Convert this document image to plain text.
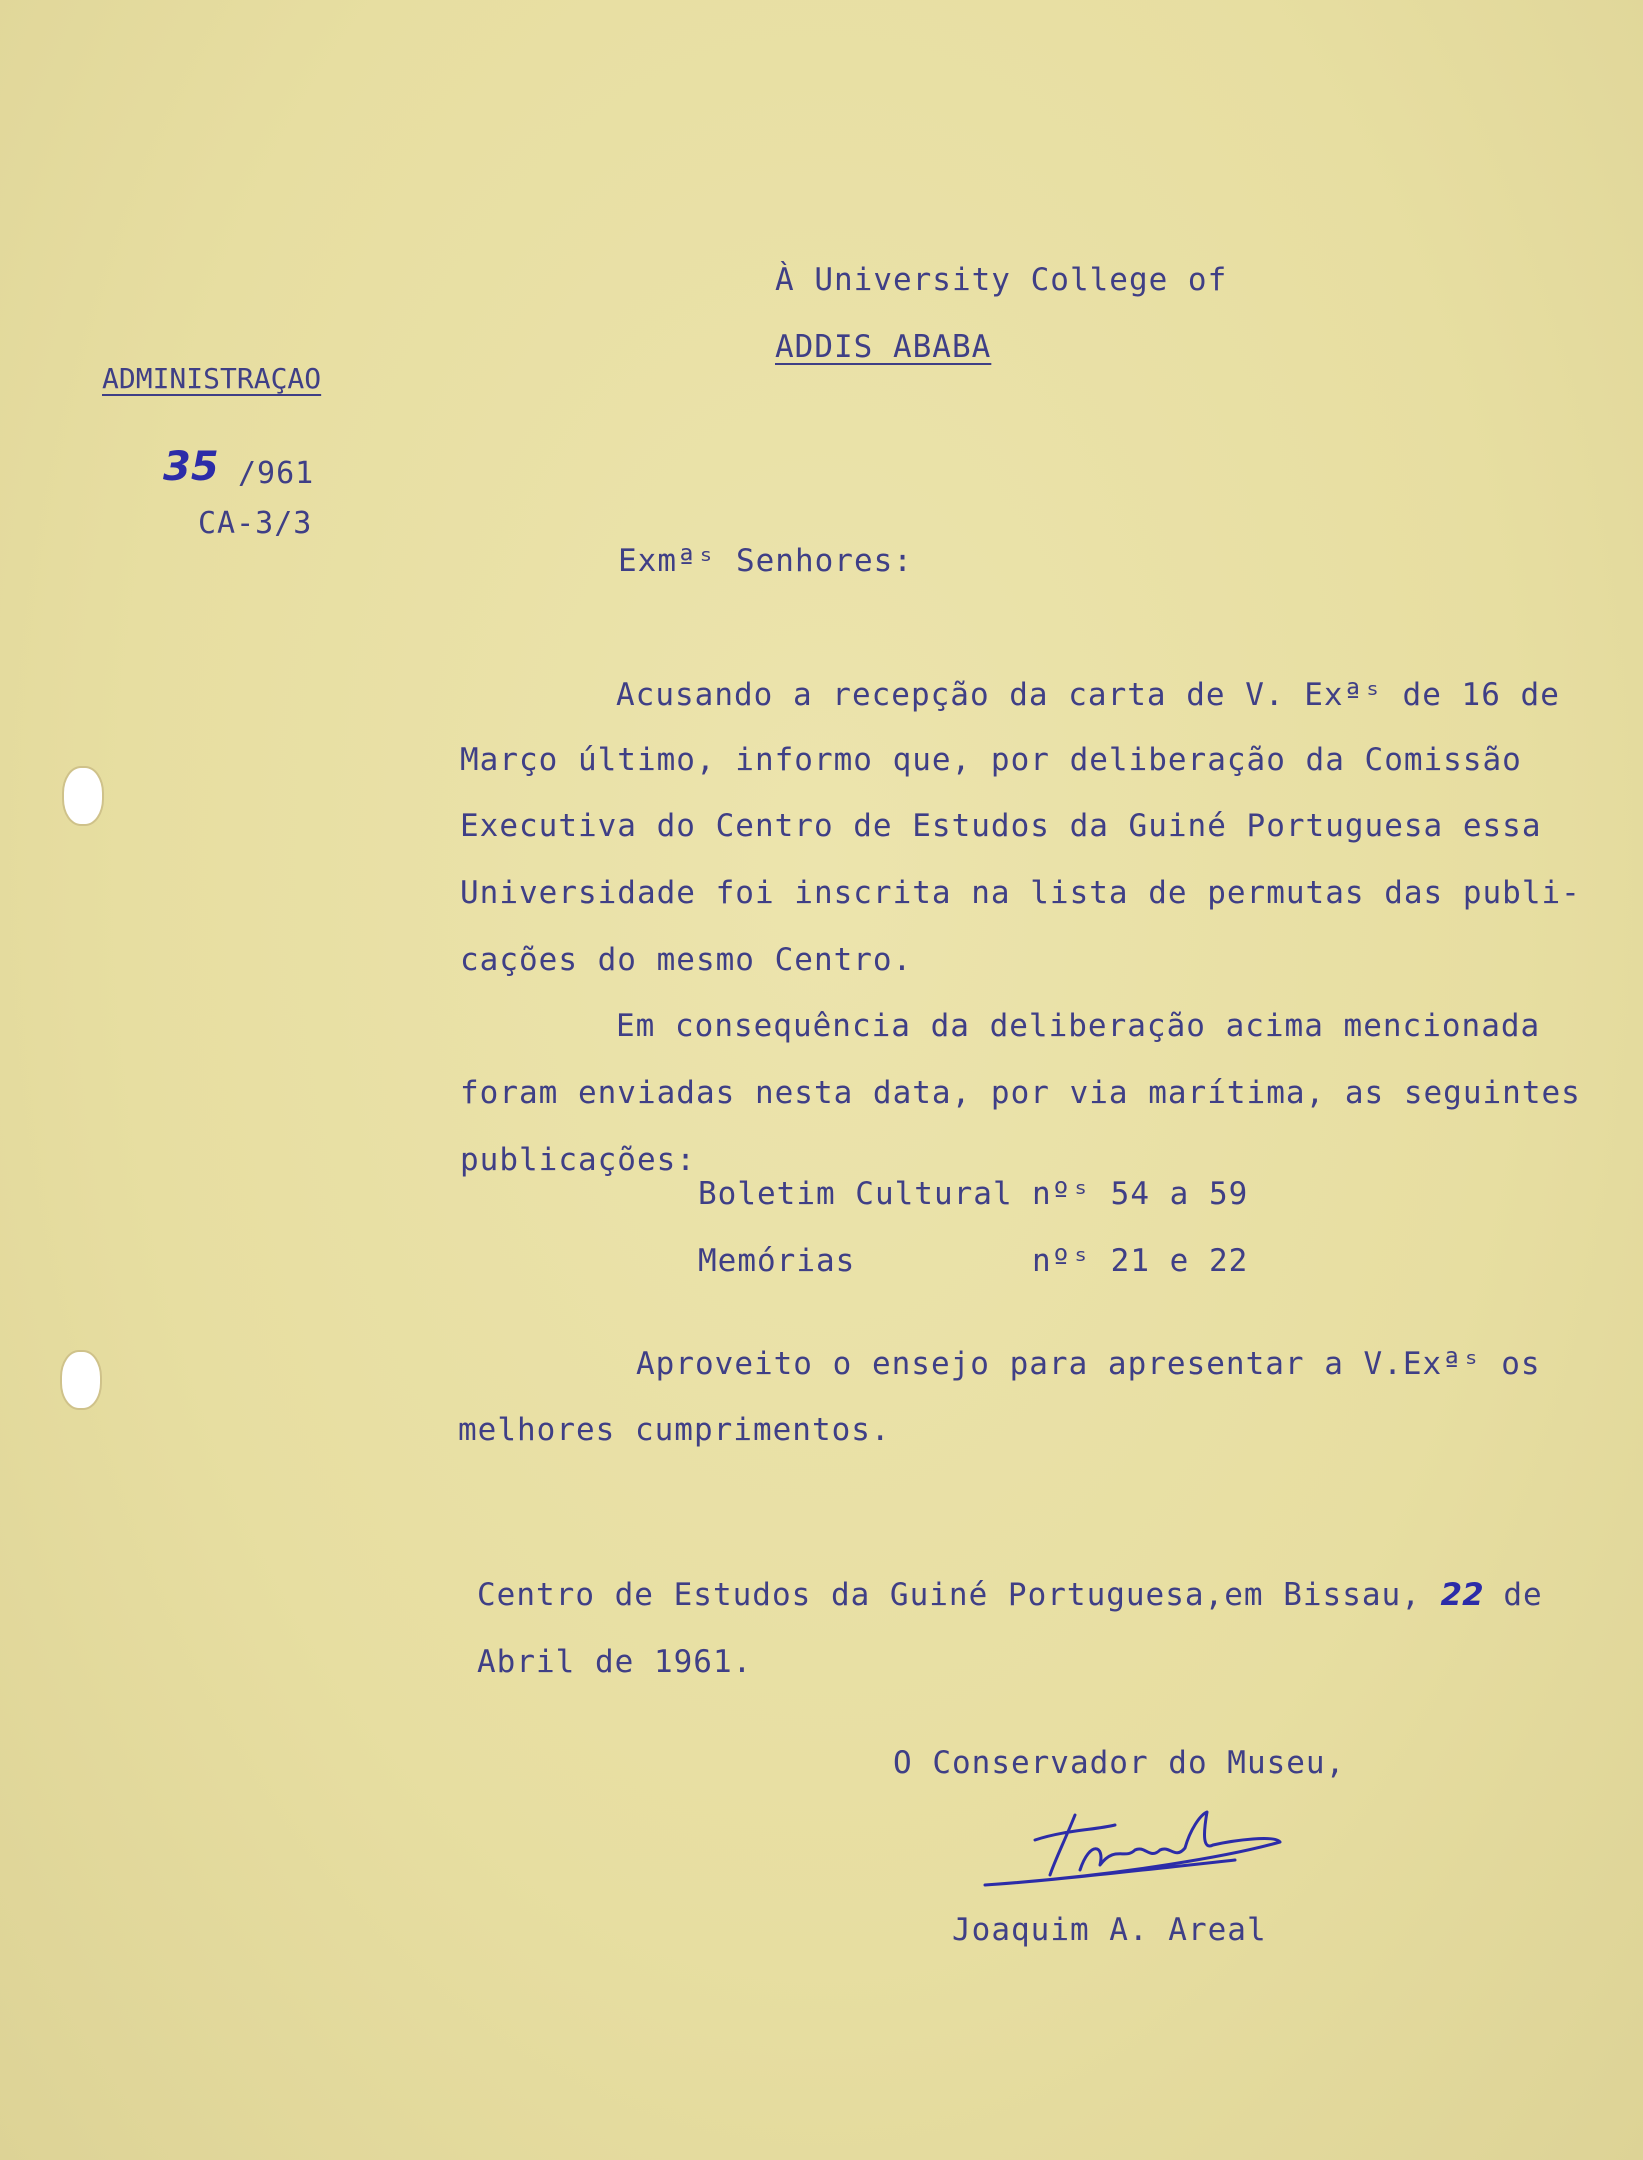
À University College of
ADDIS ABABA
ADMINISTRAÇAO
35 /961
CA-3/3
Exmªˢ Senhores:
Acusando a recepção da carta de V. Exªˢ de 16 de
Março último, informo que, por deliberação da Comissão
Executiva do Centro de Estudos da Guiné Portuguesa essa
Universidade foi inscrita na lista de permutas das publi-
cações do mesmo Centro.
Em consequência da deliberação acima mencionada
foram enviadas nesta data, por via marítima, as seguintes
publicações:
Boletim Cultural nºˢ 54 a 59
Memórias	nºˢ 21 e 22
Aproveito o ensejo para apresentar a V.Exªˢ os
melhores cumprimentos.
Centro de Estudos da Guiné Portuguesa,em Bissau, 22 de
Abril de 1961.
O Conservador do Museu,
Joaquim A. Areal
